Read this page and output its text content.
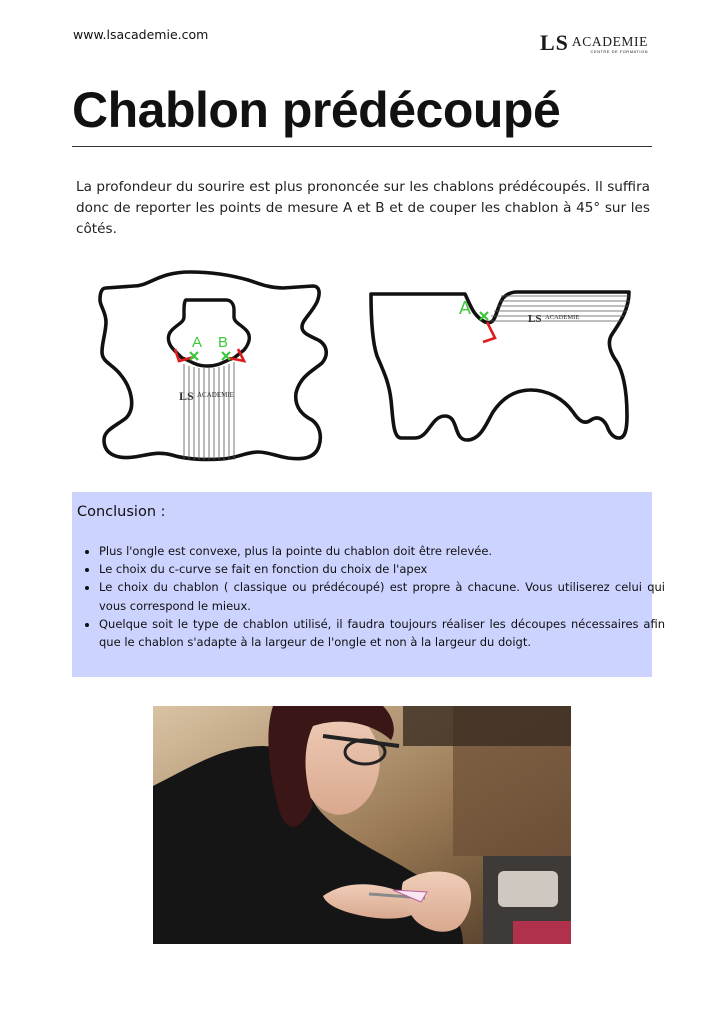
www.lsacademie.com	LS ACADEMIE
CENTRE DE FORMATION
Chablon prédécoupé

La profondeur du sourire est plus prononcée sur les chablons prédécoupés. Il suffira donc de reporter les points de mesure A et B et de couper les chablon à 45° sur les côtés.

A B
LS ACADEMIE
A
LS ACADEMIE
Conclusion :
• Plus l'ongle est convexe, plus la pointe du chablon doit être relevée.
• Le choix du c-curve se fait en fonction du choix de l'apex
• Le choix du chablon ( classique ou prédécoupé) est propre à chacune. Vous utiliserez celui qui vous correspond le mieux.
• Quelque soit le type de chablon utilisé, il faudra toujours réaliser les découpes nécessaires afin que le chablon s'adapte à la largeur de l'ongle et non à la largeur du doigt.
